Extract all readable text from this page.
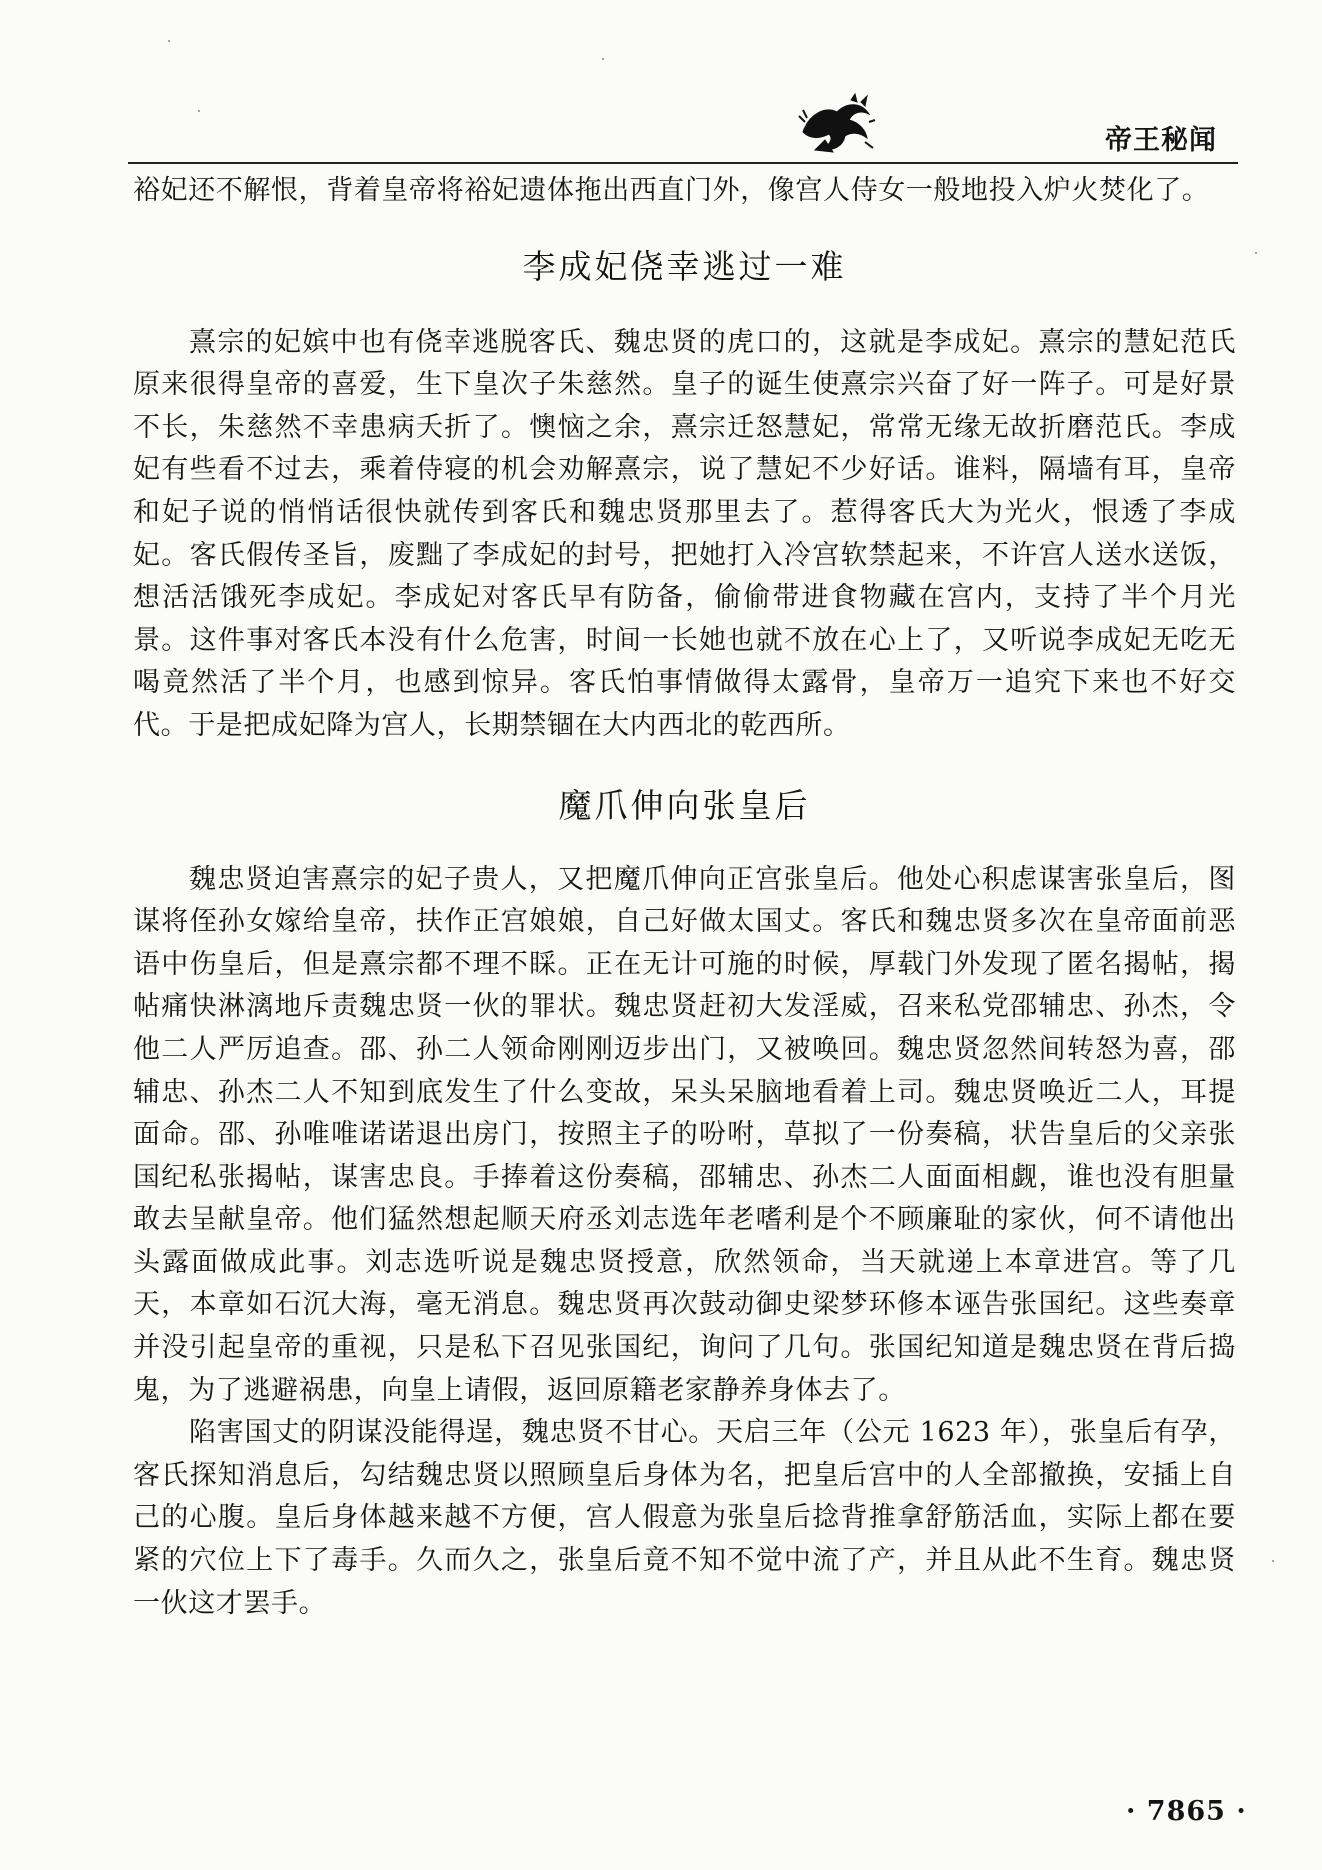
帝王秘闻

裕妃还不解恨，背着皇帝将裕妃遗体拖出西直门外，像宫人侍女一般地投入炉火焚化了。

李成妃侥幸逃过一难

熹宗的妃嫔中也有侥幸逃脱客氏、魏忠贤的虎口的，这就是李成妃。熹宗的慧妃范氏原来很得皇帝的喜爱，生下皇次子朱慈然。皇子的诞生使熹宗兴奋了好一阵子。可是好景不长，朱慈然不幸患病夭折了。懊恼之余，熹宗迁怒慧妃，常常无缘无故折磨范氏。李成妃有些看不过去，乘着侍寝的机会劝解熹宗，说了慧妃不少好话。谁料，隔墙有耳，皇帝和妃子说的悄悄话很快就传到客氏和魏忠贤那里去了。惹得客氏大为光火，恨透了李成妃。客氏假传圣旨，废黜了李成妃的封号，把她打入冷宫软禁起来，不许宫人送水送饭，想活活饿死李成妃。李成妃对客氏早有防备，偷偷带进食物藏在宫内，支持了半个月光景。这件事对客氏本没有什么危害，时间一长她也就不放在心上了，又听说李成妃无吃无喝竟然活了半个月，也感到惊异。客氏怕事情做得太露骨，皇帝万一追究下来也不好交代。于是把成妃降为宫人，长期禁锢在大内西北的乾西所。

魔爪伸向张皇后

魏忠贤迫害熹宗的妃子贵人，又把魔爪伸向正宫张皇后。他处心积虑谋害张皇后，图谋将侄孙女嫁给皇帝，扶作正宫娘娘，自己好做太国丈。客氏和魏忠贤多次在皇帝面前恶语中伤皇后，但是熹宗都不理不睬。正在无计可施的时候，厚载门外发现了匿名揭帖，揭帖痛快淋漓地斥责魏忠贤一伙的罪状。魏忠贤赶初大发淫威，召来私党邵辅忠、孙杰，令他二人严厉追查。邵、孙二人领命刚刚迈步出门，又被唤回。魏忠贤忽然间转怒为喜，邵辅忠、孙杰二人不知到底发生了什么变故，呆头呆脑地看着上司。魏忠贤唤近二人，耳提面命。邵、孙唯唯诺诺退出房门，按照主子的吩咐，草拟了一份奏稿，状告皇后的父亲张国纪私张揭帖，谋害忠良。手捧着这份奏稿，邵辅忠、孙杰二人面面相觑，谁也没有胆量敢去呈献皇帝。他们猛然想起顺天府丞刘志选年老嗜利是个不顾廉耻的家伙，何不请他出头露面做成此事。刘志选听说是魏忠贤授意，欣然领命，当天就递上本章进宫。等了几天，本章如石沉大海，毫无消息。魏忠贤再次鼓动御史梁梦环修本诬告张国纪。这些奏章并没引起皇帝的重视，只是私下召见张国纪，询问了几句。张国纪知道是魏忠贤在背后捣鬼，为了逃避祸患，向皇上请假，返回原籍老家静养身体去了。

陷害国丈的阴谋没能得逞，魏忠贤不甘心。天启三年（公元 1623 年），张皇后有孕，客氏探知消息后，勾结魏忠贤以照顾皇后身体为名，把皇后宫中的人全部撤换，安插上自己的心腹。皇后身体越来越不方便，宫人假意为张皇后捻背推拿舒筋活血，实际上都在要紧的穴位上下了毒手。久而久之，张皇后竟不知不觉中流了产，并且从此不生育。魏忠贤一伙这才罢手。

· 7865 ·
